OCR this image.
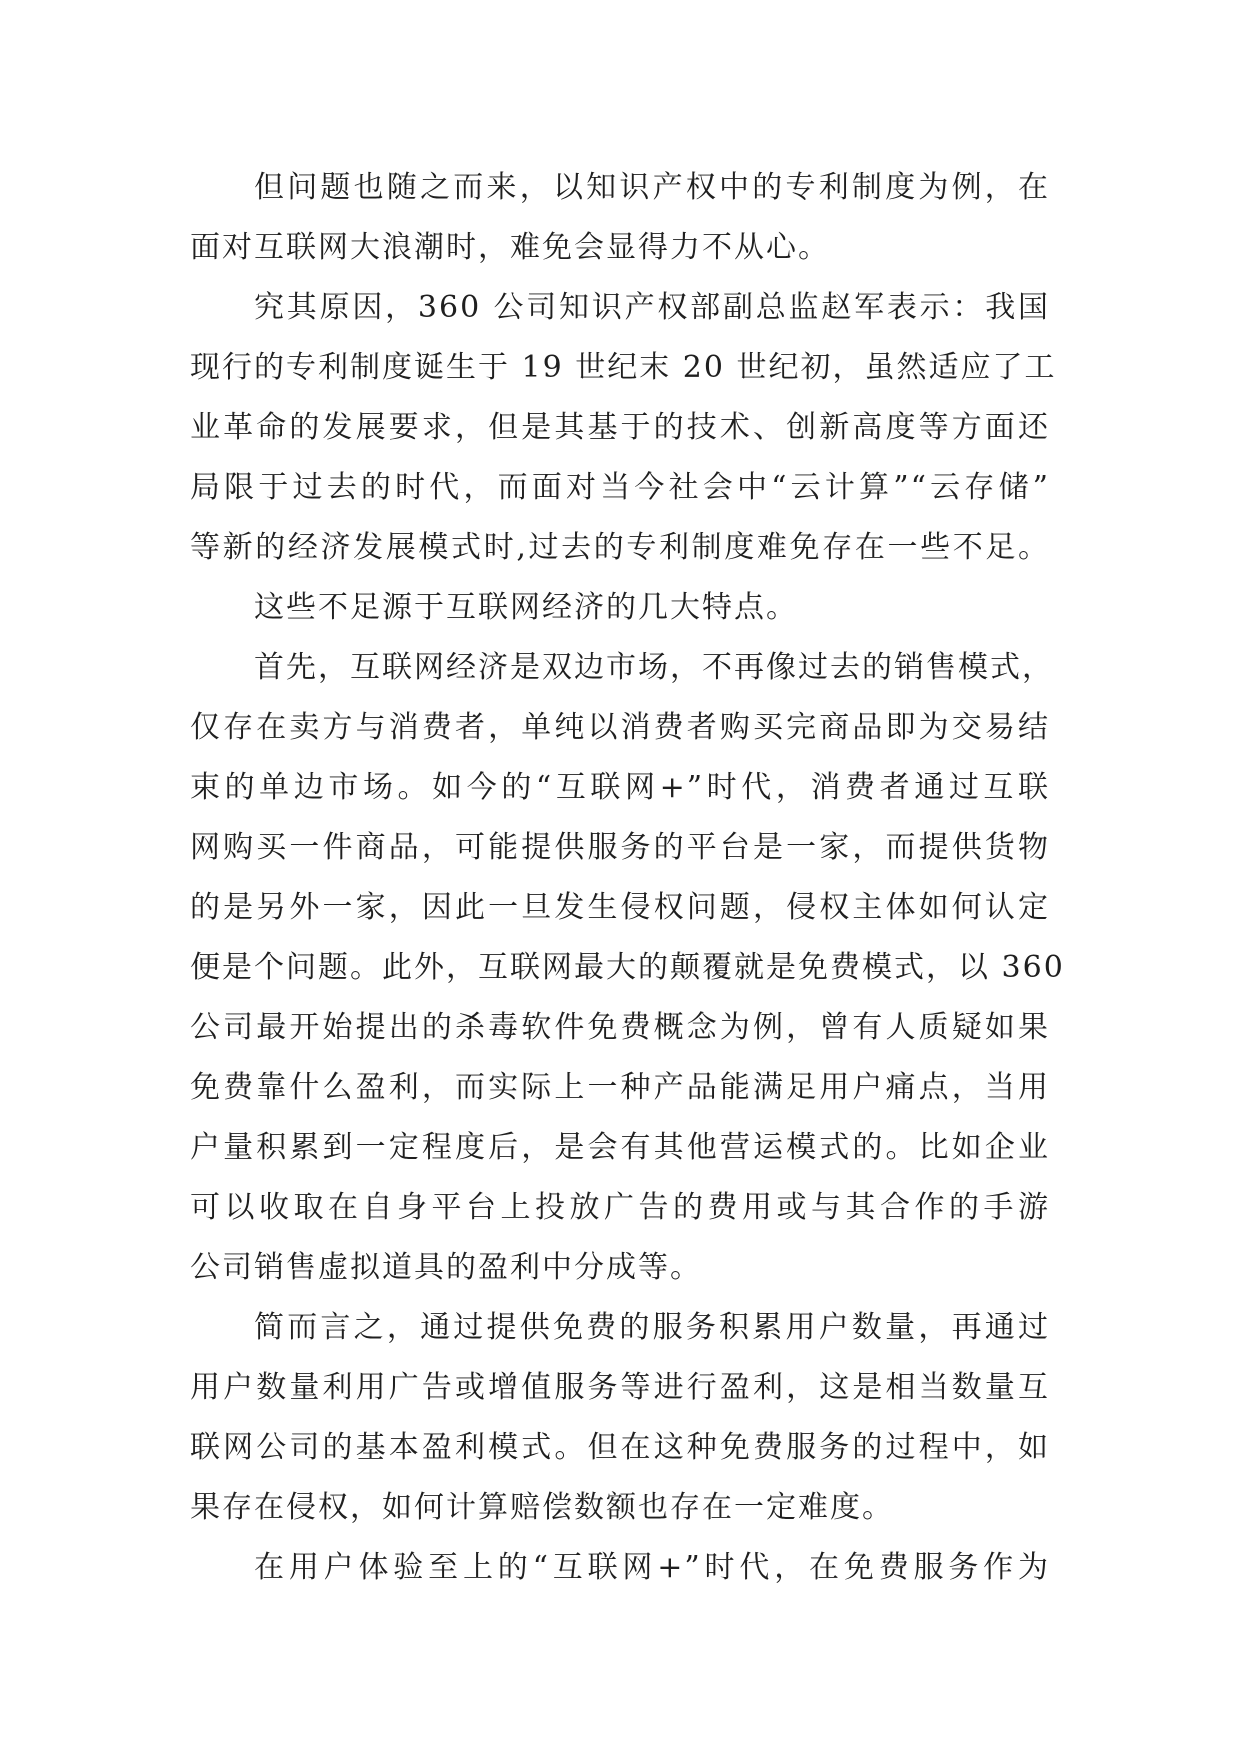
但问题也随之而来，以知识产权中的专利制度为例，在
面对互联网大浪潮时，难免会显得力不从心。

究其原因，360 公司知识产权部副总监赵军表示：我国
现行的专利制度诞生于 19 世纪末 20 世纪初，虽然适应了工
业革命的发展要求，但是其基于的技术、创新高度等方面还
局限于过去的时代，而面对当今社会中“云计算”“云存储”
等新的经济发展模式时,过去的专利制度难免存在一些不足。

这些不足源于互联网经济的几大特点。

首先，互联网经济是双边市场，不再像过去的销售模式，
仅存在卖方与消费者，单纯以消费者购买完商品即为交易结
束的单边市场。如今的“互联网+”时代，消费者通过互联
网购买一件商品，可能提供服务的平台是一家，而提供货物
的是另外一家，因此一旦发生侵权问题，侵权主体如何认定
便是个问题。此外，互联网最大的颠覆就是免费模式，以 360
公司最开始提出的杀毒软件免费概念为例，曾有人质疑如果
免费靠什么盈利，而实际上一种产品能满足用户痛点，当用
户量积累到一定程度后，是会有其他营运模式的。比如企业
可以收取在自身平台上投放广告的费用或与其合作的手游
公司销售虚拟道具的盈利中分成等。

简而言之，通过提供免费的服务积累用户数量，再通过
用户数量利用广告或增值服务等进行盈利，这是相当数量互
联网公司的基本盈利模式。但在这种免费服务的过程中，如
果存在侵权，如何计算赔偿数额也存在一定难度。

在用户体验至上的“互联网+”时代，在免费服务作为
